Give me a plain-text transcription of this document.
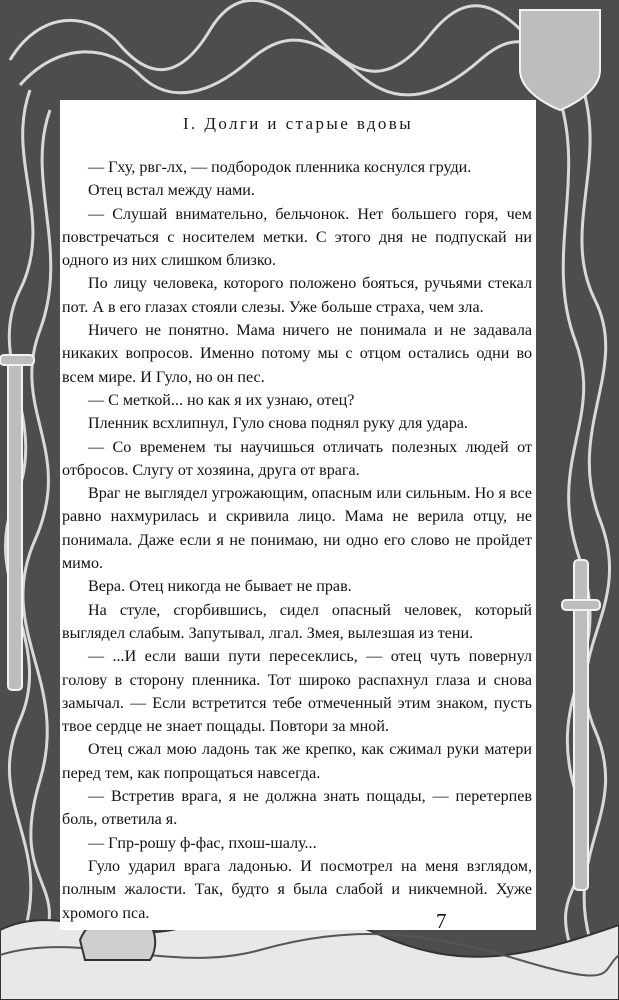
I. Долги и старые вдовы

— Гху, рвг-лх, — подбородок пленника коснулся груди.

Отец встал между нами.

— Слушай внимательно, бельчонок. Нет большего горя, чем повстречаться с носителем метки. С этого дня не подпускай ни одного из них слишком близко.

По лицу человека, которого положено бояться, ручьями стекал пот. А в его глазах стояли слезы. Уже больше страха, чем зла.

Ничего не понятно. Мама ничего не понимала и не задавала никаких вопросов. Именно потому мы с отцом остались одни во всем мире. И Гуло, но он пес.

— С меткой... но как я их узнаю, отец?

Пленник всхлипнул, Гуло снова поднял руку для удара.

— Со временем ты научишься отличать полезных людей от отбросов. Слугу от хозяина, друга от врага.

Враг не выглядел угрожающим, опасным или сильным. Но я все равно нахмурилась и скривила лицо. Мама не верила отцу, не понимала. Даже если я не понимаю, ни одно его слово не пройдет мимо.

Вера. Отец никогда не бывает не прав.

На стуле, сгорбившись, сидел опасный человек, который выглядел слабым. Запутывал, лгал. Змея, вылезшая из тени.

— ...И если ваши пути пересеклись, — отец чуть повернул голову в сторону пленника. Тот широко распахнул глаза и снова замычал. — Если встретится тебе отмеченный этим знаком, пусть твое сердце не знает пощады. Повтори за мной.

Отец сжал мою ладонь так же крепко, как сжимал руки матери перед тем, как попрощаться навсегда.

— Встретив врага, я не должна знать пощады, — перетерпев боль, ответила я.

— Гпр-рошу ф-фас, пхош-шалу...

Гуло ударил врага ладонью. И посмотрел на меня взглядом, полным жалости. Так, будто я была слабой и никчемной. Хуже хромого пса.	7
